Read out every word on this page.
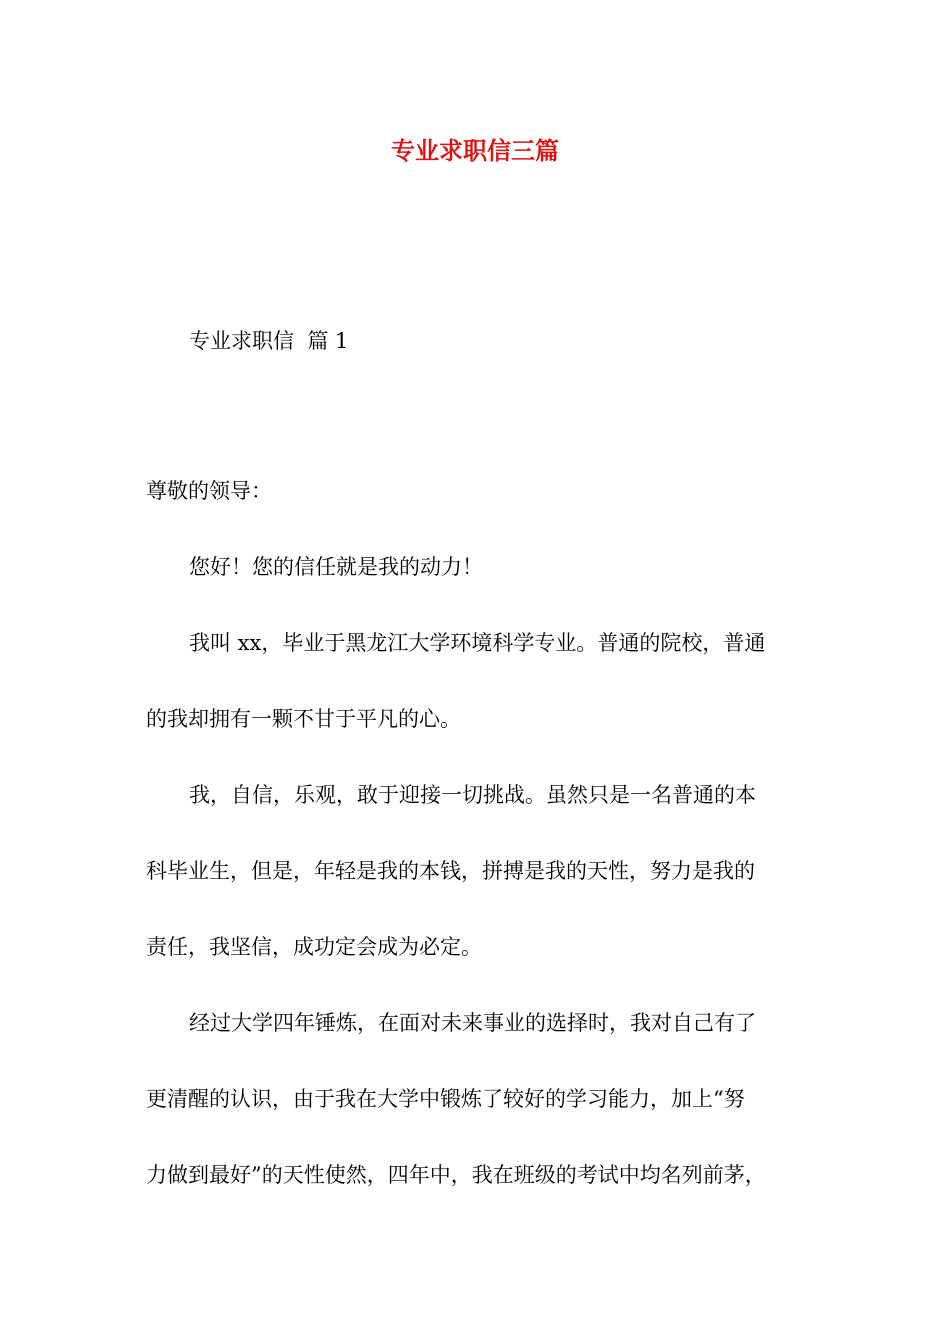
专业求职信三篇

专业求职信  篇 1

尊敬的领导：
您好！您的信任就是我的动力！
我叫 xx，毕业于黑龙江大学环境科学专业。普通的院校，普通
的我却拥有一颗不甘于平凡的心。
我，自信，乐观，敢于迎接一切挑战。虽然只是一名普通的本
科毕业生，但是，年轻是我的本钱，拼搏是我的天性，努力是我的
责任，我坚信，成功定会成为必定。
经过大学四年锤炼，在面对未来事业的选择时，我对自己有了
更清醒的认识，由于我在大学中锻炼了较好的学习能力，加上“努
力做到最好”的天性使然，四年中，我在班级的考试中均名列前茅，
